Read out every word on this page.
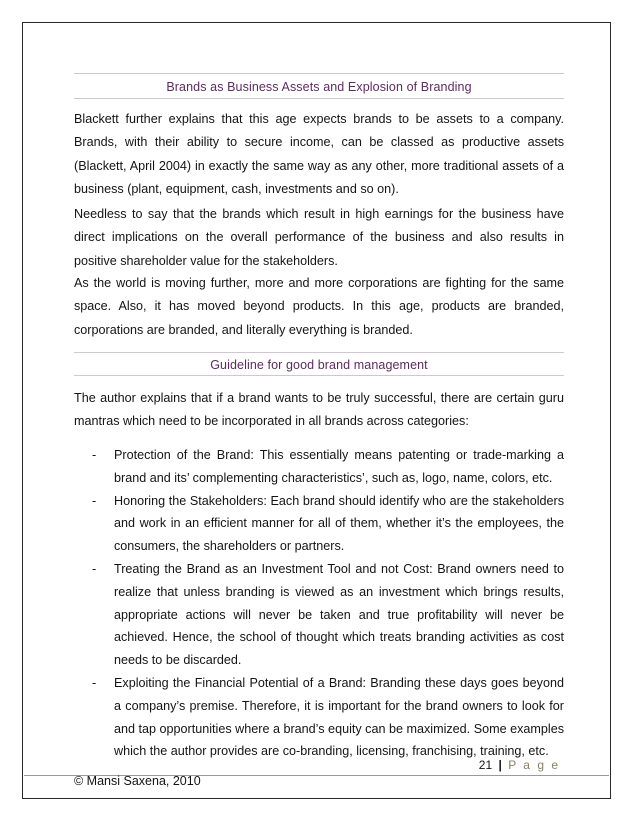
Brands as Business Assets and Explosion of Branding

Blackett further explains that this age expects brands to be assets to a company. Brands, with their ability to secure income, can be classed as productive assets (Blackett, April 2004) in exactly the same way as any other, more traditional assets of a business (plant, equipment, cash, investments and so on).

Needless to say that the brands which result in high earnings for the business have direct implications on the overall performance of the business and also results in positive shareholder value for the stakeholders.

As the world is moving further, more and more corporations are fighting for the same space. Also, it has moved beyond products. In this age, products are branded, corporations are branded, and literally everything is branded.

Guideline for good brand management

The author explains that if a brand wants to be truly successful, there are certain guru mantras which need to be incorporated in all brands across categories:

- Protection of the Brand: This essentially means patenting or trade-marking a brand and its’ complementing characteristics’, such as, logo, name, colors, etc.
- Honoring the Stakeholders: Each brand should identify who are the stakeholders and work in an efficient manner for all of them, whether it’s the employees, the consumers, the shareholders or partners.
- Treating the Brand as an Investment Tool and not Cost: Brand owners need to realize that unless branding is viewed as an investment which brings results, appropriate actions will never be taken and true profitability will never be achieved. Hence, the school of thought which treats branding activities as cost needs to be discarded.
- Exploiting the Financial Potential of a Brand: Branding these days goes beyond a company’s premise. Therefore, it is important for the brand owners to look for and tap opportunities where a brand’s equity can be maximized. Some examples which the author provides are co-branding, licensing, franchising, training, etc.
21 | P a g e
© Mansi Saxena, 2010
